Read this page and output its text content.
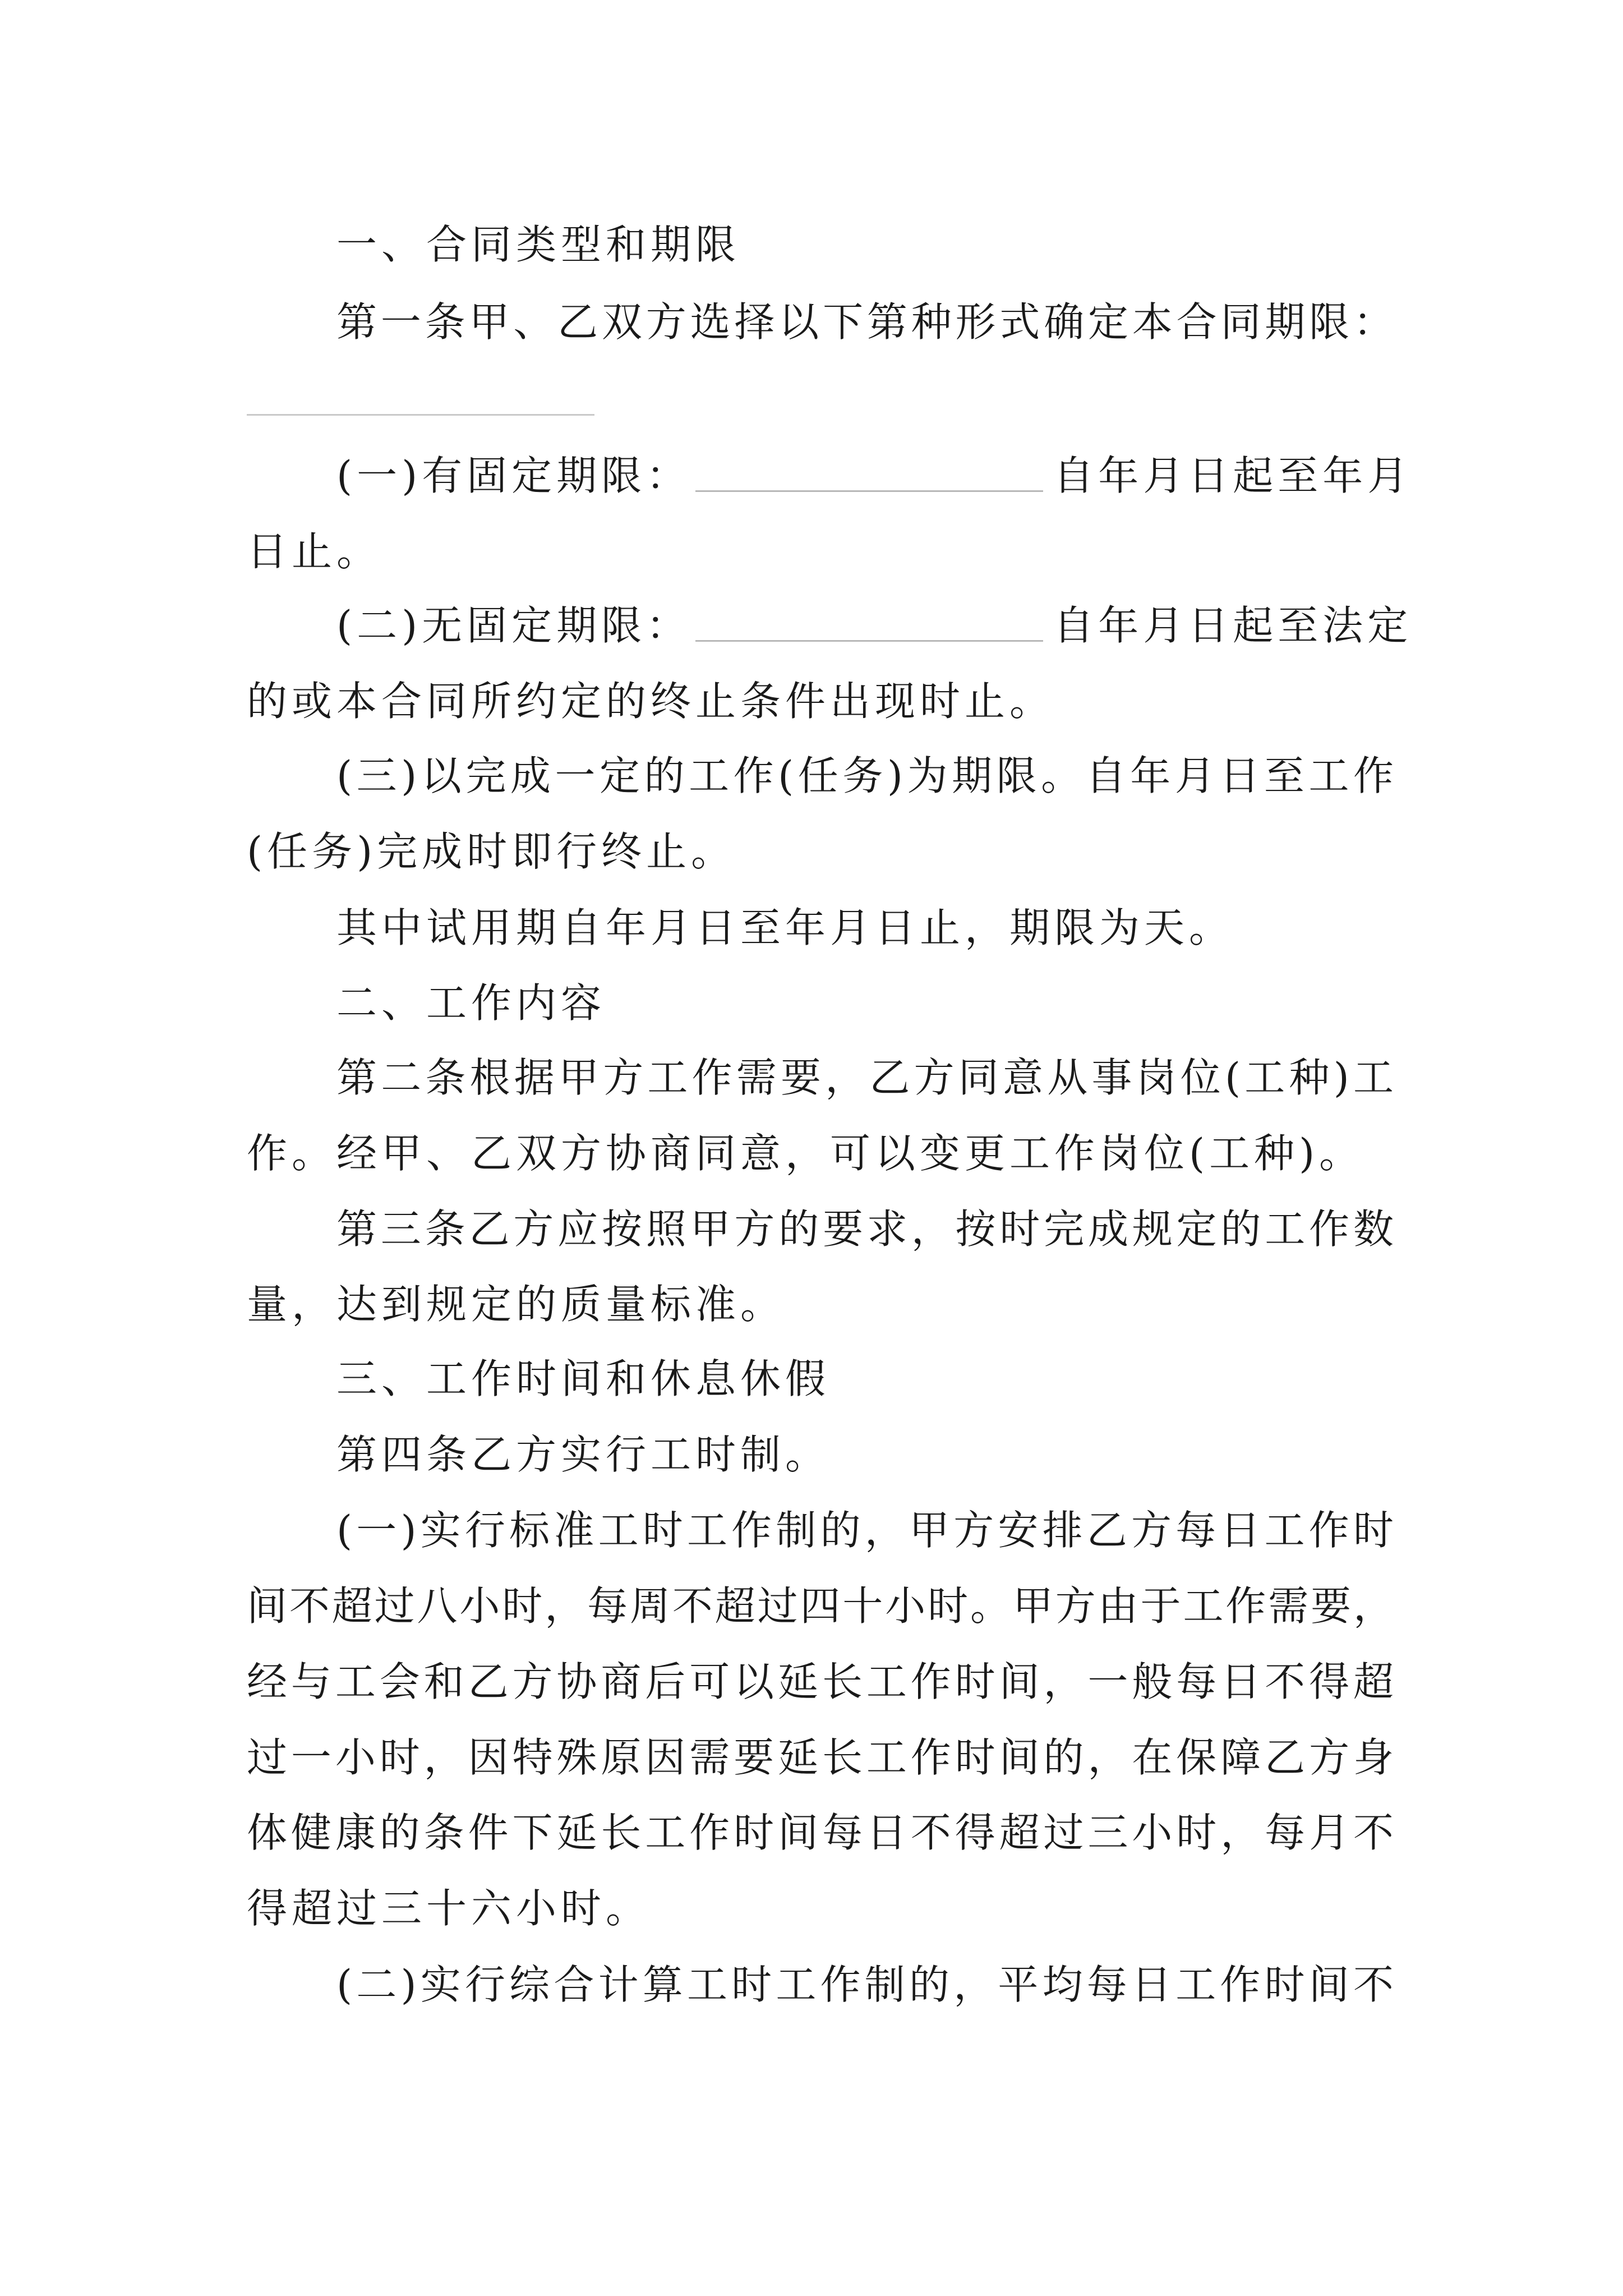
一、合同类型和期限
第一条甲、乙双方选择以下第种形式确定本合同期限：
(一)有固定期限：	自年月日起至年月
日止。
(二)无固定期限：	自年月日起至法定
的或本合同所约定的终止条件出现时止。
(三)以完成一定的工作(任务)为期限。自年月日至工作
(任务)完成时即行终止。
其中试用期自年月日至年月日止，期限为天。
二、工作内容
第二条根据甲方工作需要，乙方同意从事岗位(工种)工
作。经甲、乙双方协商同意，可以变更工作岗位(工种)。
第三条乙方应按照甲方的要求，按时完成规定的工作数
量，达到规定的质量标准。
三、工作时间和休息休假
第四条乙方实行工时制。
(一)实行标准工时工作制的，甲方安排乙方每日工作时
间不超过八小时，每周不超过四十小时。甲方由于工作需要，
经与工会和乙方协商后可以延长工作时间，一般每日不得超
过一小时，因特殊原因需要延长工作时间的，在保障乙方身
体健康的条件下延长工作时间每日不得超过三小时，每月不
得超过三十六小时。
(二)实行综合计算工时工作制的，平均每日工作时间不
